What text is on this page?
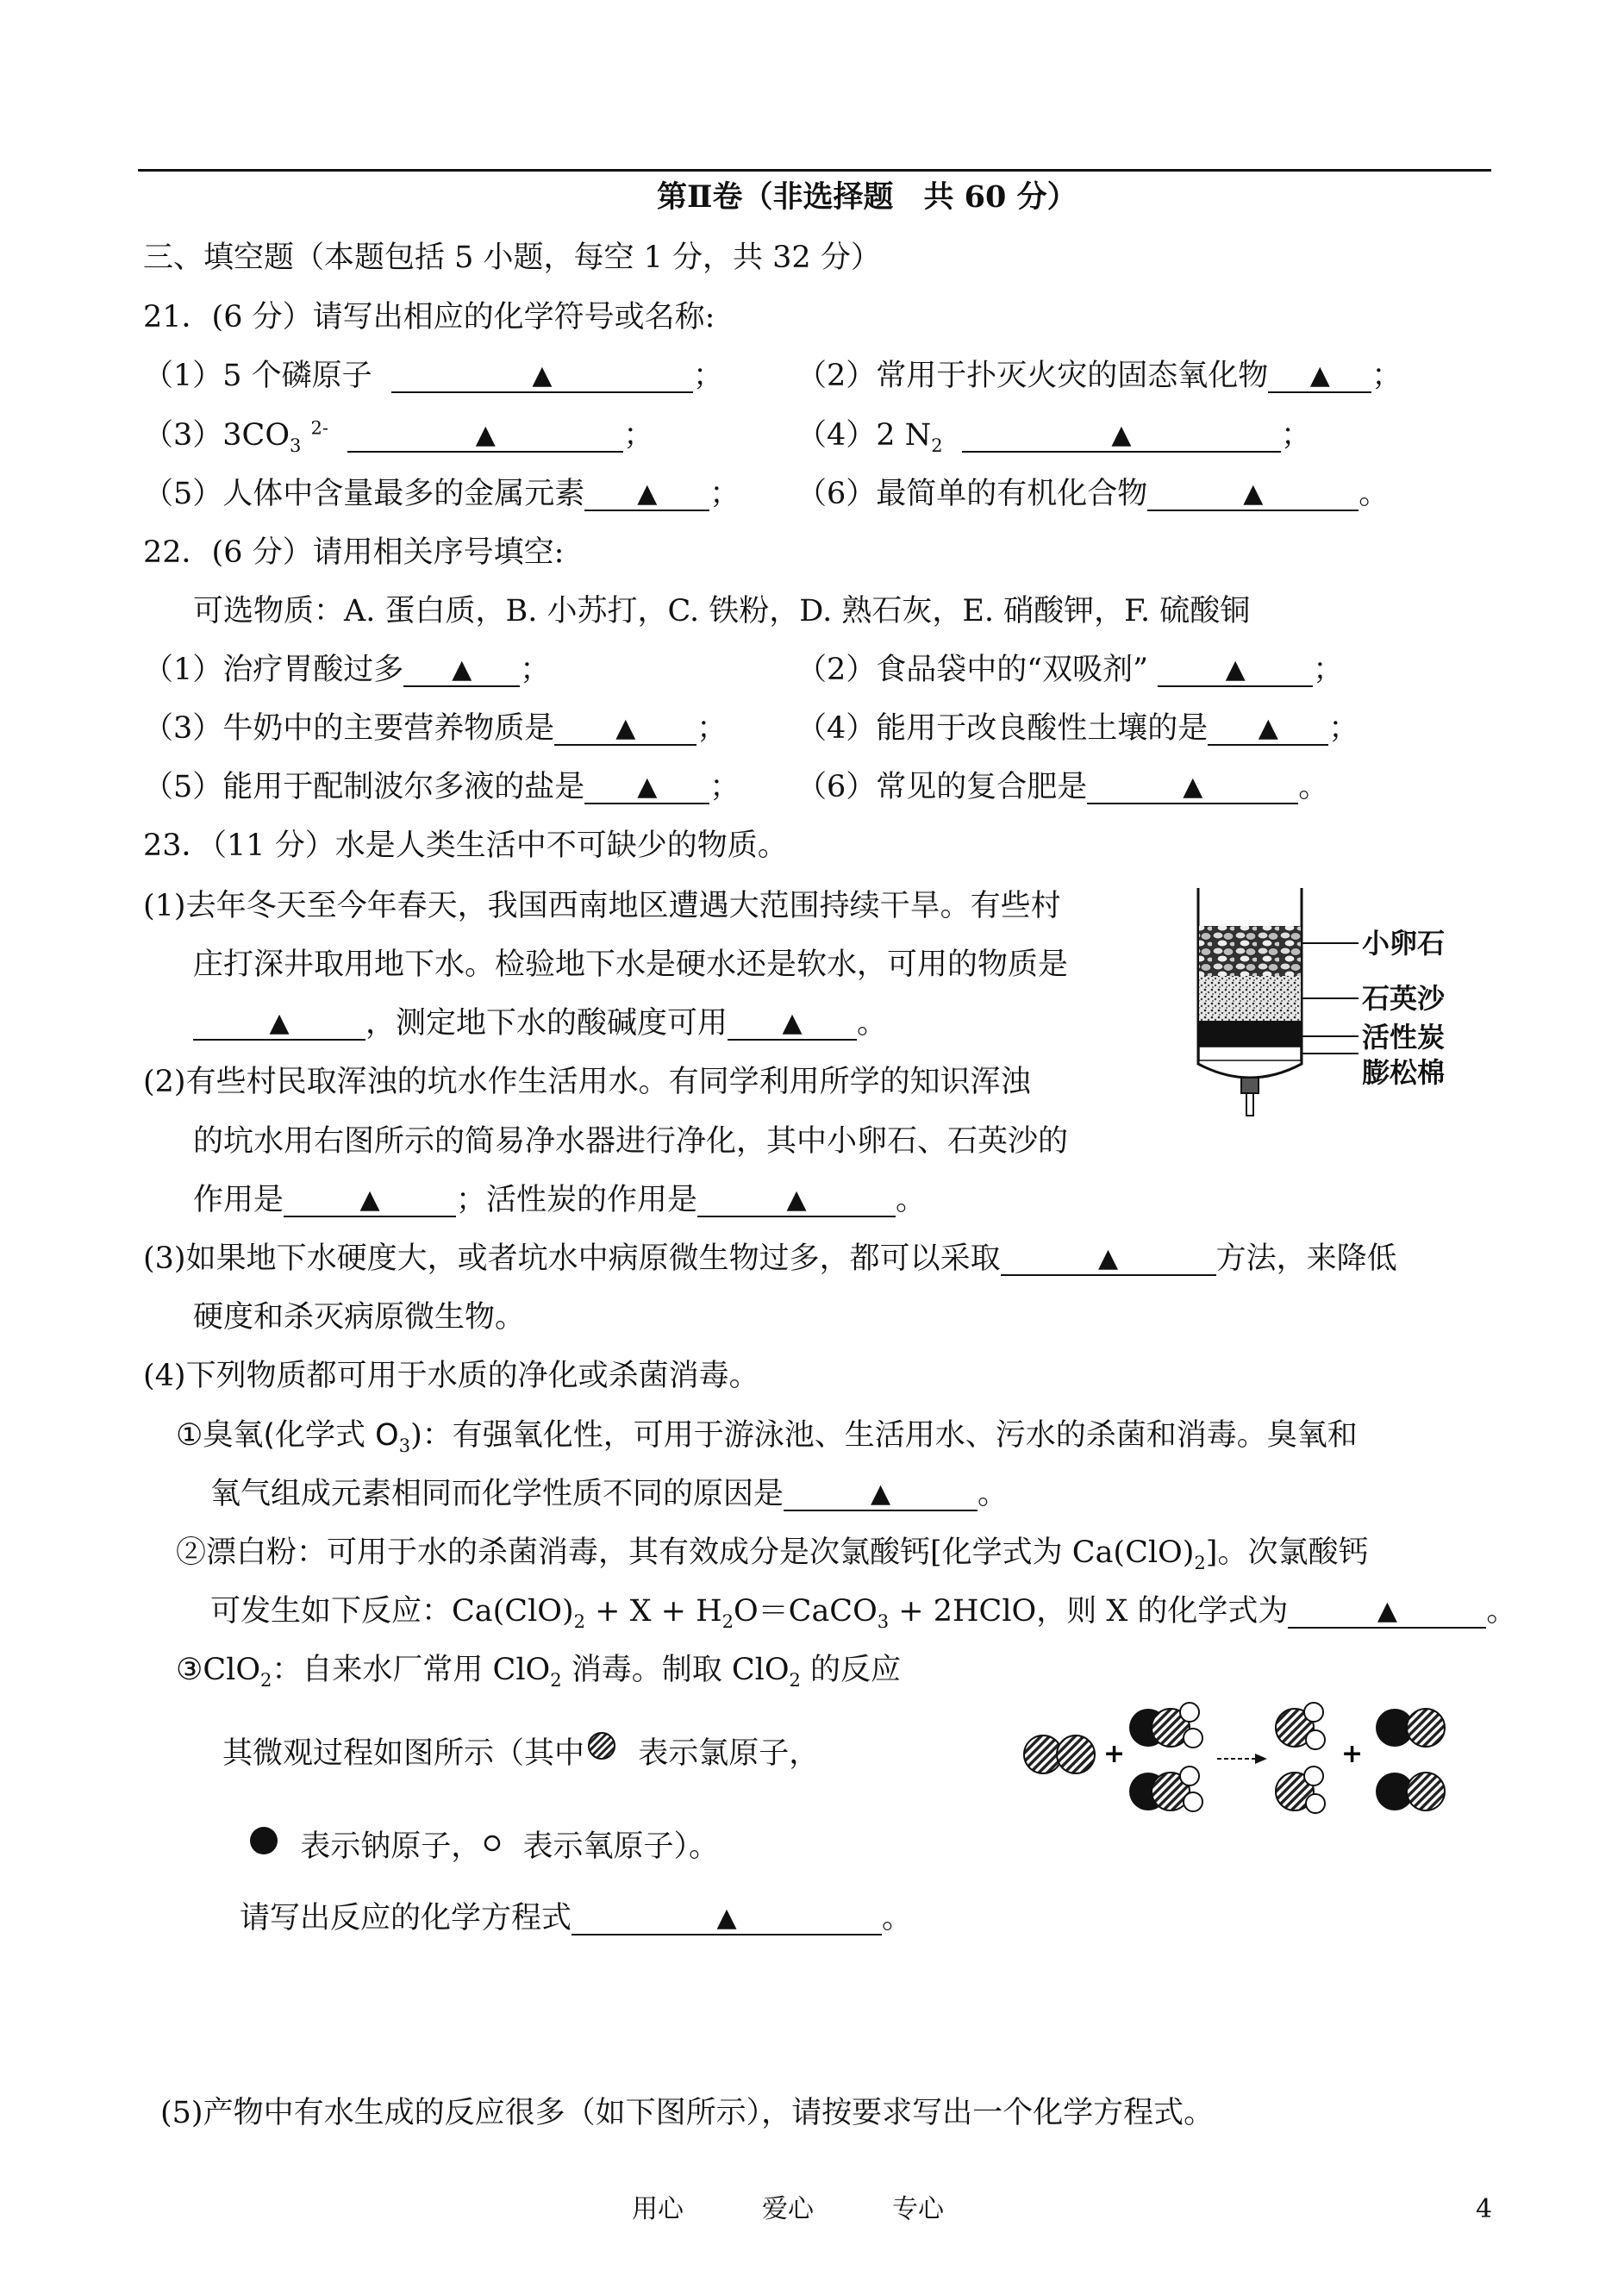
第Ⅱ卷（非选择题　共 60 分）
三、填空题（本题包括 5 小题，每空 1 分，共 32 分）
21．(6 分）请写出相应的化学符号或名称:
（1）5 个磷原子	▲	； （2）常用于扑灭火灾的固态氧化物 ▲ ；
$(3)3CO_3$ $^{2-}$	▲	；	（4）2 $N_2$	▲	；
（5）人体中含量最多的金属元素 ▲ ； （6）最简单的有机化合物	▲	。
22．(6 分）请用相关序号填空:
可选物质：A. 蛋白质，B. 小苏打，C. 铁粉，D. 熟石灰，E. 硝酸钾，F. 硫酸铜
（1）治疗胃酸过多 ▲ ；	（2）食品袋中的“双吸剂”	▲ ；
（3）牛奶中的主要营养物质是 ▲ ； （4）能用于改良酸性土壤的是 ▲ ；
（5）能用于配制波尔多液的盐是 ▲ ； （6）常见的复合肥是	▲	。
23．（11 分）水是人类生活中不可缺少的物质。
(1)去年冬天至今年春天，我国西南地区遭遇大范围持续干旱。有些村
庄打深井取用地下水。检验地下水是硬水还是软水，可用的物质是
▲	，测定地下水的酸碱度可用 ▲ 。
(2)有些村民取浑浊的坑水作生活用水。有同学利用所学的知识浑浊
的坑水用右图所示的简易净水器进行净化，其中小卵石、石英沙的
作用是	▲	；活性炭的作用是	▲	。
小卵石
石英沙
活性炭
膨松棉
(3)如果地下水硬度大，或者坑水中病原微生物过多，都可以采取	▲	方法，来降低
硬度和杀灭病原微生物。
(4)下列物质都可用于水质的净化或杀菌消毒。
①臭氧(化学式 $O_3$)：有强氧化性，可用于游泳池、生活用水、污水的杀菌和消毒。臭氧和
氧气组成元素相同而化学性质不同的原因是	▲	。
②漂白粉：可用于水的杀菌消毒，其有效成分是次氯酸钙[化学式为 $Ca(ClO)_2$]。次氯酸钙
可发生如下反应：$Ca(ClO)_2 + X$ + $H_2O=CaCO_3$ + 2HClO，则 X 的化学式为	▲	。
③ClO$_2$：自来水厂常用 ClO$_2$ 消毒。制取 ClO$_2$ 的反应
其微观过程如图所示（其中 表示氯原子，
表示钠原子， 表示氧原子）。
+	+
请写出反应的化学方程式	▲	。
(5)产物中有水生成的反应很多（如下图所示），请按要求写出一个化学方程式。
用心	爱心	专心	4
